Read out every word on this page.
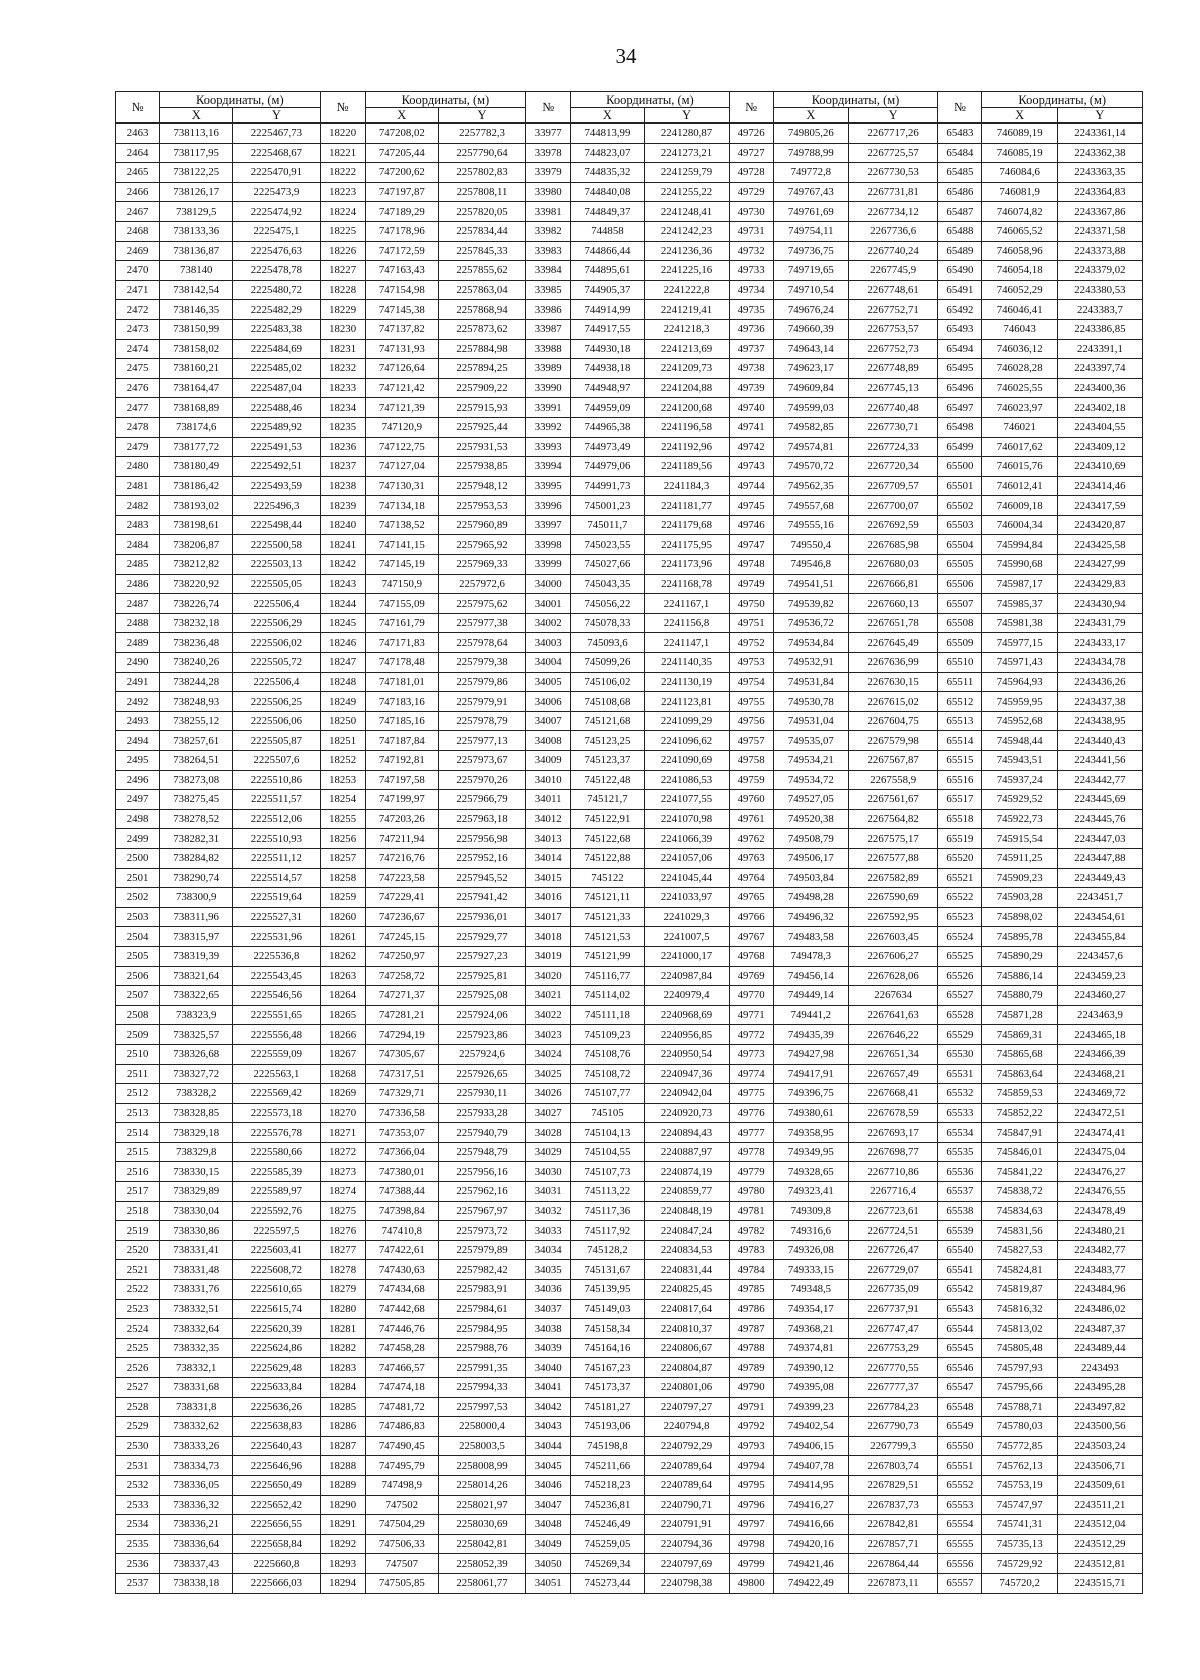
34
№	Координаты, (м)		№	Координаты, (м)		№	Координаты, (м)		№	Координаты, (м)		№	Координаты, (м)	
	X	Y		X	Y		X	Y		X	Y		X	Y
2463	738113,16	2225467,73	18220	747208,02	2257782,3	33977	744813,99	2241280,87	49726	749805,26	2267717,26	65483	746089,19	2243361,14
2464	738117,95	2225468,67	18221	747205,44	2257790,64	33978	744823,07	2241273,21	49727	749788,99	2267725,57	65484	746085,19	2243362,38
2465	738122,25	2225470,91	18222	747200,62	2257802,83	33979	744835,32	2241259,79	49728	749772,8	2267730,53	65485	746084,6	2243363,35
2466	738126,17	2225473,9	18223	747197,87	2257808,11	33980	744840,08	2241255,22	49729	749767,43	2267731,81	65486	746081,9	2243364,83
2467	738129,5	2225474,92	18224	747189,29	2257820,05	33981	744849,37	2241248,41	49730	749761,69	2267734,12	65487	746074,82	2243367,86
2468	738133,36	2225475,1	18225	747178,96	2257834,44	33982	744858	2241242,23	49731	749754,11	2267736,6	65488	746065,52	2243371,58
2469	738136,87	2225476,63	18226	747172,59	2257845,33	33983	744866,44	2241236,36	49732	749736,75	2267740,24	65489	746058,96	2243373,88
2470	738140	2225478,78	18227	747163,43	2257855,62	33984	744895,61	2241225,16	49733	749719,65	2267745,9	65490	746054,18	2243379,02
2471	738142,54	2225480,72	18228	747154,98	2257863,04	33985	744905,37	2241222,8	49734	749710,54	2267748,61	65491	746052,29	2243380,53
2472	738146,35	2225482,29	18229	747145,38	2257868,94	33986	744914,99	2241219,41	49735	749676,24	2267752,71	65492	746046,41	2243383,7
2473	738150,99	2225483,38	18230	747137,82	2257873,62	33987	744917,55	2241218,3	49736	749660,39	2267753,57	65493	746043	2243386,85
2474	738158,02	2225484,69	18231	747131,93	2257884,98	33988	744930,18	2241213,69	49737	749643,14	2267752,73	65494	746036,12	2243391,1
2475	738160,21	2225485,02	18232	747126,64	2257894,25	33989	744938,18	2241209,73	49738	749623,17	2267748,89	65495	746028,28	2243397,74
2476	738164,47	2225487,04	18233	747121,42	2257909,22	33990	744948,97	2241204,88	49739	749609,84	2267745,13	65496	746025,55	2243400,36
2477	738168,89	2225488,46	18234	747121,39	2257915,93	33991	744959,09	2241200,68	49740	749599,03	2267740,48	65497	746023,97	2243402,18
2478	738174,6	2225489,92	18235	747120,9	2257925,44	33992	744965,38	2241196,58	49741	749582,85	2267730,71	65498	746021	2243404,55
2479	738177,72	2225491,53	18236	747122,75	2257931,53	33993	744973,49	2241192,96	49742	749574,81	2267724,33	65499	746017,62	2243409,12
2480	738180,49	2225492,51	18237	747127,04	2257938,85	33994	744979,06	2241189,56	49743	749570,72	2267720,34	65500	746015,76	2243410,69
2481	738186,42	2225493,59	18238	747130,31	2257948,12	33995	744991,73	2241184,3	49744	749562,35	2267709,57	65501	746012,41	2243414,46
2482	738193,02	2225496,3	18239	747134,18	2257953,53	33996	745001,23	2241181,77	49745	749557,68	2267700,07	65502	746009,18	2243417,59
2483	738198,61	2225498,44	18240	747138,52	2257960,89	33997	745011,7	2241179,68	49746	749555,16	2267692,59	65503	746004,34	2243420,87
2484	738206,87	2225500,58	18241	747141,15	2257965,92	33998	745023,55	2241175,95	49747	749550,4	2267685,98	65504	745994,84	2243425,58
2485	738212,82	2225503,13	18242	747145,19	2257969,33	33999	745027,66	2241173,96	49748	749546,8	2267680,03	65505	745990,68	2243427,99
2486	738220,92	2225505,05	18243	747150,9	2257972,6	34000	745043,35	2241168,78	49749	749541,51	2267666,81	65506	745987,17	2243429,83
2487	738226,74	2225506,4	18244	747155,09	2257975,62	34001	745056,22	2241167,1	49750	749539,82	2267660,13	65507	745985,37	2243430,94
2488	738232,18	2225506,29	18245	747161,79	2257977,38	34002	745078,33	2241156,8	49751	749536,72	2267651,78	65508	745981,38	2243431,79
2489	738236,48	2225506,02	18246	747171,83	2257978,64	34003	745093,6	2241147,1	49752	749534,84	2267645,49	65509	745977,15	2243433,17
2490	738240,26	2225505,72	18247	747178,48	2257979,38	34004	745099,26	2241140,35	49753	749532,91	2267636,99	65510	745971,43	2243434,78
2491	738244,28	2225506,4	18248	747181,01	2257979,86	34005	745106,02	2241130,19	49754	749531,84	2267630,15	65511	745964,93	2243436,26
2492	738248,93	2225506,25	18249	747183,16	2257979,91	34006	745108,68	2241123,81	49755	749530,78	2267615,02	65512	745959,95	2243437,38
2493	738255,12	2225506,06	18250	747185,16	2257978,79	34007	745121,68	2241099,29	49756	749531,04	2267604,75	65513	745952,68	2243438,95
2494	738257,61	2225505,87	18251	747187,84	2257977,13	34008	745123,25	2241096,62	49757	749535,07	2267579,98	65514	745948,44	2243440,43
2495	738264,51	2225507,6	18252	747192,81	2257973,67	34009	745123,37	2241090,69	49758	749534,21	2267567,87	65515	745943,51	2243441,56
2496	738273,08	2225510,86	18253	747197,58	2257970,26	34010	745122,48	2241086,53	49759	749534,72	2267558,9	65516	745937,24	2243442,77
2497	738275,45	2225511,57	18254	747199,97	2257966,79	34011	745121,7	2241077,55	49760	749527,05	2267561,67	65517	745929,52	2243445,69
2498	738278,52	2225512,06	18255	747203,26	2257963,18	34012	745122,91	2241070,98	49761	749520,38	2267564,82	65518	745922,73	2243445,76
2499	738282,31	2225510,93	18256	747211,94	2257956,98	34013	745122,68	2241066,39	49762	749508,79	2267575,17	65519	745915,54	2243447,03
2500	738284,82	2225511,12	18257	747216,76	2257952,16	34014	745122,88	2241057,06	49763	749506,17	2267577,88	65520	745911,25	2243447,88
2501	738290,74	2225514,57	18258	747223,58	2257945,52	34015	745122	2241045,44	49764	749503,84	2267582,89	65521	745909,23	2243449,43
2502	738300,9	2225519,64	18259	747229,41	2257941,42	34016	745121,11	2241033,97	49765	749498,28	2267590,69	65522	745903,28	2243451,7
2503	738311,96	2225527,31	18260	747236,67	2257936,01	34017	745121,33	2241029,3	49766	749496,32	2267592,95	65523	745898,02	2243454,61
2504	738315,97	2225531,96	18261	747245,15	2257929,77	34018	745121,53	2241007,5	49767	749483,58	2267603,45	65524	745895,78	2243455,84
2505	738319,39	2225536,8	18262	747250,97	2257927,23	34019	745121,99	2241000,17	49768	749478,3	2267606,27	65525	745890,29	2243457,6
2506	738321,64	2225543,45	18263	747258,72	2257925,81	34020	745116,77	2240987,84	49769	749456,14	2267628,06	65526	745886,14	2243459,23
2507	738322,65	2225546,56	18264	747271,37	2257925,08	34021	745114,02	2240979,4	49770	749449,14	2267634	65527	745880,79	2243460,27
2508	738323,9	2225551,65	18265	747281,21	2257924,06	34022	745111,18	2240968,69	49771	749441,2	2267641,63	65528	745871,28	2243463,9
2509	738325,57	2225556,48	18266	747294,19	2257923,86	34023	745109,23	2240956,85	49772	749435,39	2267646,22	65529	745869,31	2243465,18
2510	738326,68	2225559,09	18267	747305,67	2257924,6	34024	745108,76	2240950,54	49773	749427,98	2267651,34	65530	745865,68	2243466,39
2511	738327,72	2225563,1	18268	747317,51	2257926,65	34025	745108,72	2240947,36	49774	749417,91	2267657,49	65531	745863,64	2243468,21
2512	738328,2	2225569,42	18269	747329,71	2257930,11	34026	745107,77	2240942,04	49775	749396,75	2267668,41	65532	745859,53	2243469,72
2513	738328,85	2225573,18	18270	747336,58	2257933,28	34027	745105	2240920,73	49776	749380,61	2267678,59	65533	745852,22	2243472,51
2514	738329,18	2225576,78	18271	747353,07	2257940,79	34028	745104,13	2240894,43	49777	749358,95	2267693,17	65534	745847,91	2243474,41
2515	738329,8	2225580,66	18272	747366,04	2257948,79	34029	745104,55	2240887,97	49778	749349,95	2267698,77	65535	745846,01	2243475,04
2516	738330,15	2225585,39	18273	747380,01	2257956,16	34030	745107,73	2240874,19	49779	749328,65	2267710,86	65536	745841,22	2243476,27
2517	738329,89	2225589,97	18274	747388,44	2257962,16	34031	745113,22	2240859,77	49780	749323,41	2267716,4	65537	745838,72	2243476,55
2518	738330,04	2225592,76	18275	747398,84	2257967,97	34032	745117,36	2240848,19	49781	749309,8	2267723,61	65538	745834,63	2243478,49
2519	738330,86	2225597,5	18276	747410,8	2257973,72	34033	745117,92	2240847,24	49782	749316,6	2267724,51	65539	745831,56	2243480,21
2520	738331,41	2225603,41	18277	747422,61	2257979,89	34034	745128,2	2240834,53	49783	749326,08	2267726,47	65540	745827,53	2243482,77
2521	738331,48	2225608,72	18278	747430,63	2257982,42	34035	745131,67	2240831,44	49784	749333,15	2267729,07	65541	745824,81	2243483,77
2522	738331,76	2225610,65	18279	747434,68	2257983,91	34036	745139,95	2240825,45	49785	749348,5	2267735,09	65542	745819,87	2243484,96
2523	738332,51	2225615,74	18280	747442,68	2257984,61	34037	745149,03	2240817,64	49786	749354,17	2267737,91	65543	745816,32	2243486,02
2524	738332,64	2225620,39	18281	747446,76	2257984,95	34038	745158,34	2240810,37	49787	749368,21	2267747,47	65544	745813,02	2243487,37
2525	738332,35	2225624,86	18282	747458,28	2257988,76	34039	745164,16	2240806,67	49788	749374,81	2267753,29	65545	745805,48	2243489,44
2526	738332,1	2225629,48	18283	747466,57	2257991,35	34040	745167,23	2240804,87	49789	749390,12	2267770,55	65546	745797,93	2243493
2527	738331,68	2225633,84	18284	747474,18	2257994,33	34041	745173,37	2240801,06	49790	749395,08	2267777,37	65547	745795,66	2243495,28
2528	738331,8	2225636,26	18285	747481,72	2257997,53	34042	745181,27	2240797,27	49791	749399,23	2267784,23	65548	745788,71	2243497,82
2529	738332,62	2225638,83	18286	747486,83	2258000,4	34043	745193,06	2240794,8	49792	749402,54	2267790,73	65549	745780,03	2243500,56
2530	738333,26	2225640,43	18287	747490,45	2258003,5	34044	745198,8	2240792,29	49793	749406,15	2267799,3	65550	745772,85	2243503,24
2531	738334,73	2225646,96	18288	747495,79	2258008,99	34045	745211,66	2240789,64	49794	749407,78	2267803,74	65551	745762,13	2243506,71
2532	738336,05	2225650,49	18289	747498,9	2258014,26	34046	745218,23	2240789,64	49795	749414,95	2267829,51	65552	745753,19	2243509,61
2533	738336,32	2225652,42	18290	747502	2258021,97	34047	745236,81	2240790,71	49796	749416,27	2267837,73	65553	745747,97	2243511,21
2534	738336,21	2225656,55	18291	747504,29	2258030,69	34048	745246,49	2240791,91	49797	749416,66	2267842,81	65554	745741,31	2243512,04
2535	738336,64	2225658,84	18292	747506,33	2258042,81	34049	745259,05	2240794,36	49798	749420,16	2267857,71	65555	745735,13	2243512,29
2536	738337,43	2225660,8	18293	747507	2258052,39	34050	745269,34	2240797,69	49799	749421,46	2267864,44	65556	745729,92	2243512,81
2537	738338,18	2225666,03	18294	747505,85	2258061,77	34051	745273,44	2240798,38	49800	749422,49	2267873,11	65557	745720,2	2243515,71
